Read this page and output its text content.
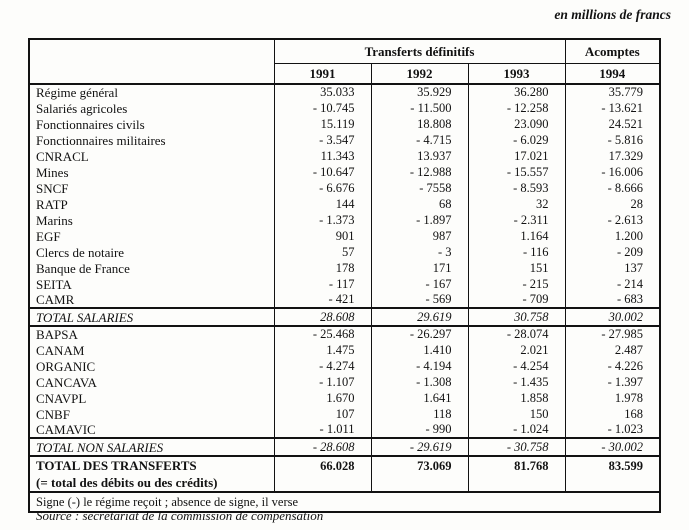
en millions de francs
	Transferts définitifs			Acomptes
	1991	1992	1993	1994
Régime général	35.033	35.929	36.280	35.779
Salariés agricoles	- 10.745	- 11.500	- 12.258	- 13.621
Fonctionnaires civils	15.119	18.808	23.090	24.521
Fonctionnaires militaires	- 3.547	- 4.715	- 6.029	- 5.816
CNRACL	11.343	13.937	17.021	17.329
Mines	- 10.647	- 12.988	- 15.557	- 16.006
SNCF	- 6.676	- 7558	- 8.593	- 8.666
RATP	144	68	32	28
Marins	- 1.373	- 1.897	- 2.311	- 2.613
EGF	901	987	1.164	1.200
Clercs de notaire	57	- 3	- 116	- 209
Banque de France	178	171	151	137
SEITA	- 117	- 167	- 215	- 214
CAMR	- 421	- 569	- 709	- 683
TOTAL SALARIES	28.608	29.619	30.758	30.002
BAPSA	- 25.468	- 26.297	- 28.074	- 27.985
CANAM	1.475	1.410	2.021	2.487
ORGANIC	- 4.274	- 4.194	- 4.254	- 4.226
CANCAVA	- 1.107	- 1.308	- 1.435	- 1.397
CNAVPL	1.670	1.641	1.858	1.978
CNBF	107	118	150	168
CAMAVIC	- 1.011	- 990	- 1.024	- 1.023
TOTAL NON SALARIES	- 28.608	- 29.619	- 30.758	- 30.002

TOTAL DES TRANSFERTS
(= total des débits ou des crédits)	66.028	73.069	81.768	83.599
Signe (-) le régime reçoit ; absence de signe, il verse				
Source : secrétariat de la commission de compensation
